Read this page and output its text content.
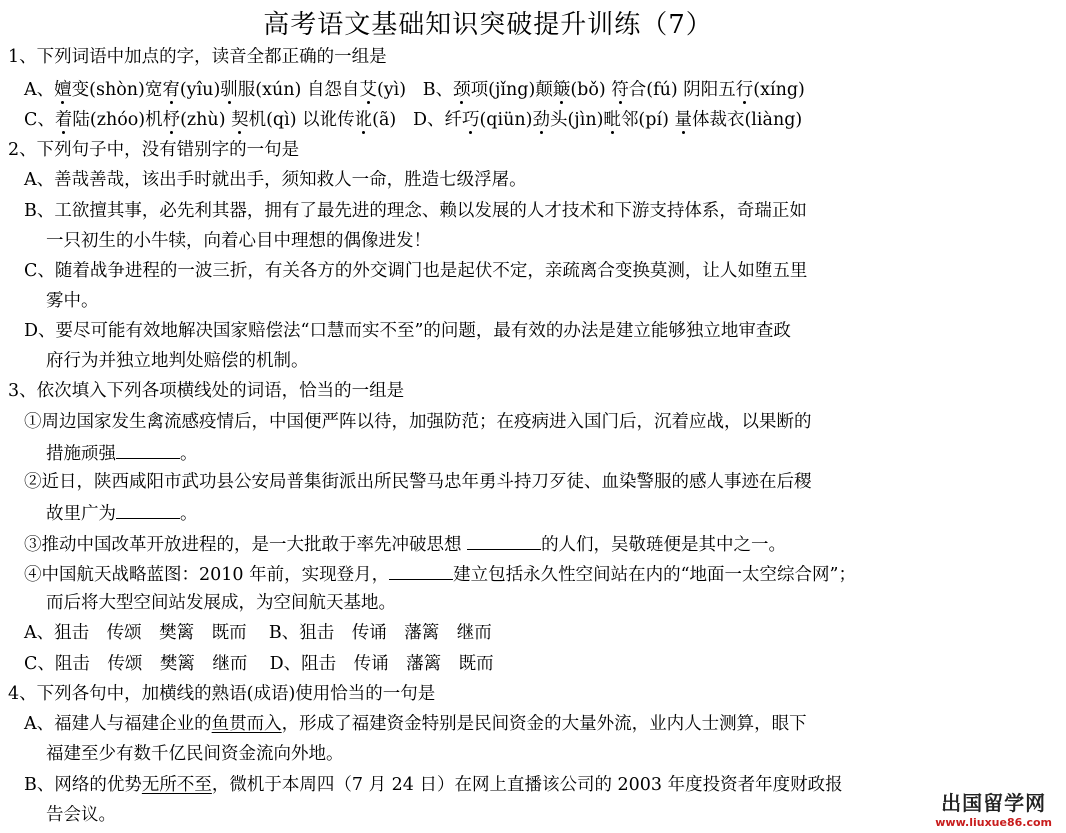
高考语文基础知识突破提升训练（7）
1、下列词语中加点的字，读音全都正确的一组是
A、嬗变(shòn)宽宥(yîu)驯服(xún) 自怨自艾(yì) B、颈项(jǐng)颠簸(bǒ) 符合(fú) 阴阳五行(xíng)
C、着陆(zhóo)机杼(zhù) 契机(qì) 以讹传讹(ã) D、纤巧(qiün)劲头(jìn)毗邻(pí) 量体裁衣(liàng)
2、下列句子中，没有错别字的一句是
A、善哉善哉，该出手时就出手，须知救人一命，胜造七级浮屠。
B、工欲擅其事，必先利其器，拥有了最先进的理念、赖以发展的人才技术和下游支持体系，奇瑞正如
一只初生的小牛犊，向着心目中理想的偶像进发！
C、随着战争进程的一波三折，有关各方的外交调门也是起伏不定，亲疏离合变换莫测，让人如堕五里
雾中。
D、要尽可能有效地解决国家赔偿法“口慧而实不至”的问题，最有效的办法是建立能够独立地审查政
府行为并独立地判处赔偿的机制。
3、依次填入下列各项横线处的词语，恰当的一组是
①周边国家发生禽流感疫情后，中国便严阵以待，加强防范；在疫病进入国门后，沉着应战，以果断的
措施顽强	。
②近日，陕西咸阳市武功县公安局普集街派出所民警马忠年勇斗持刀歹徒、血染警服的感人事迹在后稷
故里广为	。
③推动中国改革开放进程的，是一大批敢于率先冲破思想	的人们，吴敬琏便是其中之一。
④中国航天战略蓝图：2010 年前，实现登月，	建立包括永久性空间站在内的“地面一太空综合网”；
而后将大型空间站发展成，为空间航天基地。
A、狙击　传颂　樊篱　既而 B、狙击　传诵　藩篱　继而
C、阻击　传颂　樊篱　继而 D、阻击　传诵　藩篱　既而
4、下列各句中，加横线的熟语(成语)使用恰当的一句是
A、福建人与福建企业的鱼贯而入，形成了福建资金特别是民间资金的大量外流，业内人士测算，眼下
福建至少有数千亿民间资金流向外地。
B、网络的优势无所不至，微机于本周四（7 月 24 日）在网上直播该公司的 2003 年度投资者年度财政报
告会议。	出国留学网
www.liuxue86.com
